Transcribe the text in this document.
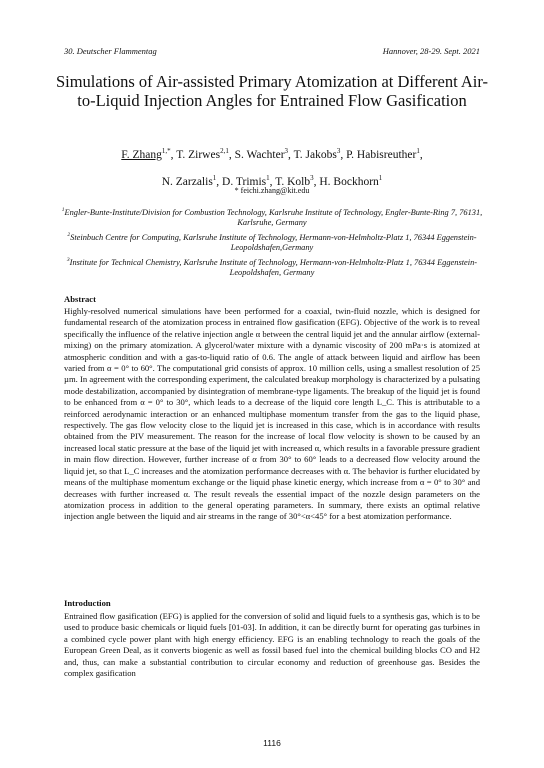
30. Deutscher Flammentag	Hannover, 28-29. Sept. 2021
Simulations of Air-assisted Primary Atomization at Different Air-to-Liquid Injection Angles for Entrained Flow Gasification
F. Zhang$^{1,*}$, T. Zirwes$^{2,1}$, S. Wachter$^3$, T. Jakobs$^3$, P. Habisreuther$^1$,
N. Zarzalis$^1$, D. Trimis$^1$, T. Kolb$^3$, H. Bockhorn$^1$
* feichi.zhang@kit.edu

$^1$Engler-Bunte-Institute/Division for Combustion Technology, Karlsruhe Institute of Technology, Engler-Bunte-Ring 7, 76131, Karlsruhe, Germany

$^2$Steinbuch Centre for Computing, Karlsruhe Institute of Technology, Hermann-von-Helmholtz-Platz 1, 76344 Eggenstein-Leopoldshafen,Germany

$^3$Institute for Technical Chemistry, Karlsruhe Institute of Technology, Hermann-von-Helmholtz-Platz 1, 76344 Eggenstein-Leopoldshafen, Germany

Abstract
Highly-resolved numerical simulations have been performed for a coaxial, twin-fluid nozzle, which is designed for fundamental research of the atomization process in entrained flow gasification (EFG). Objective of the work is to reveal specifically the influence of the relative injection angle α between the central liquid jet and the annular airflow (external-mixing) on the primary atomization. A glycerol/water mixture with a dynamic viscosity of 200 mPa·s is atomized at atmospheric condition and with a gas-to-liquid ratio of 0.6. The angle of attack between liquid and airflow has been varied from α = 0° to 60°. The computational grid consists of approx. 10 million cells, using a smallest resolution of 25 µm. In agreement with the corresponding experiment, the calculated breakup morphology is characterized by a pulsating mode destabilization, accompanied by disintegration of membrane-type ligaments. The breakup of the liquid jet is found to be enhanced from α = 0° to 30°, which leads to a decrease of the liquid core length L_C. This is attributable to a reinforced aerodynamic interaction or an enhanced multiphase momentum transfer from the gas to the liquid phase, respectively. The gas flow velocity close to the liquid jet is increased in this case, which is in accordance with results obtained from the PIV measurement. The reason for the increase of local flow velocity is shown to be caused by an increased local static pressure at the base of the liquid jet with increased α, which results in a favorable pressure gradient in main flow direction. However, further increase of α from 30° to 60° leads to a decreased flow velocity around the liquid jet, so that L_C increases and the atomization performance decreases with α. The behavior is further elucidated by means of the multiphase momentum exchange or the liquid phase kinetic energy, which increase from α = 0° to 30° and decreases with further increased α. The result reveals the essential impact of the nozzle design parameters on the atomization process in addition to the general operating parameters. In summary, there exists an optimal relative injection angle between the liquid and air streams in the range of 30°<α<45° for a best atomization performance.
Introduction
Entrained flow gasification (EFG) is applied for the conversion of solid and liquid fuels to a synthesis gas, which is to be used to produce basic chemicals or liquid fuels [01-03]. In addition, it can be directly burnt for operating gas turbines in a combined cycle power plant with high energy efficiency. EFG is an enabling technology to reach the goals of the European Green Deal, as it converts biogenic as well as fossil based fuel into the chemical building blocks CO and H2 and, thus, can make a substantial contribution to circular economy and reduction of greenhouse gas. Besides the complex gasification
1116
